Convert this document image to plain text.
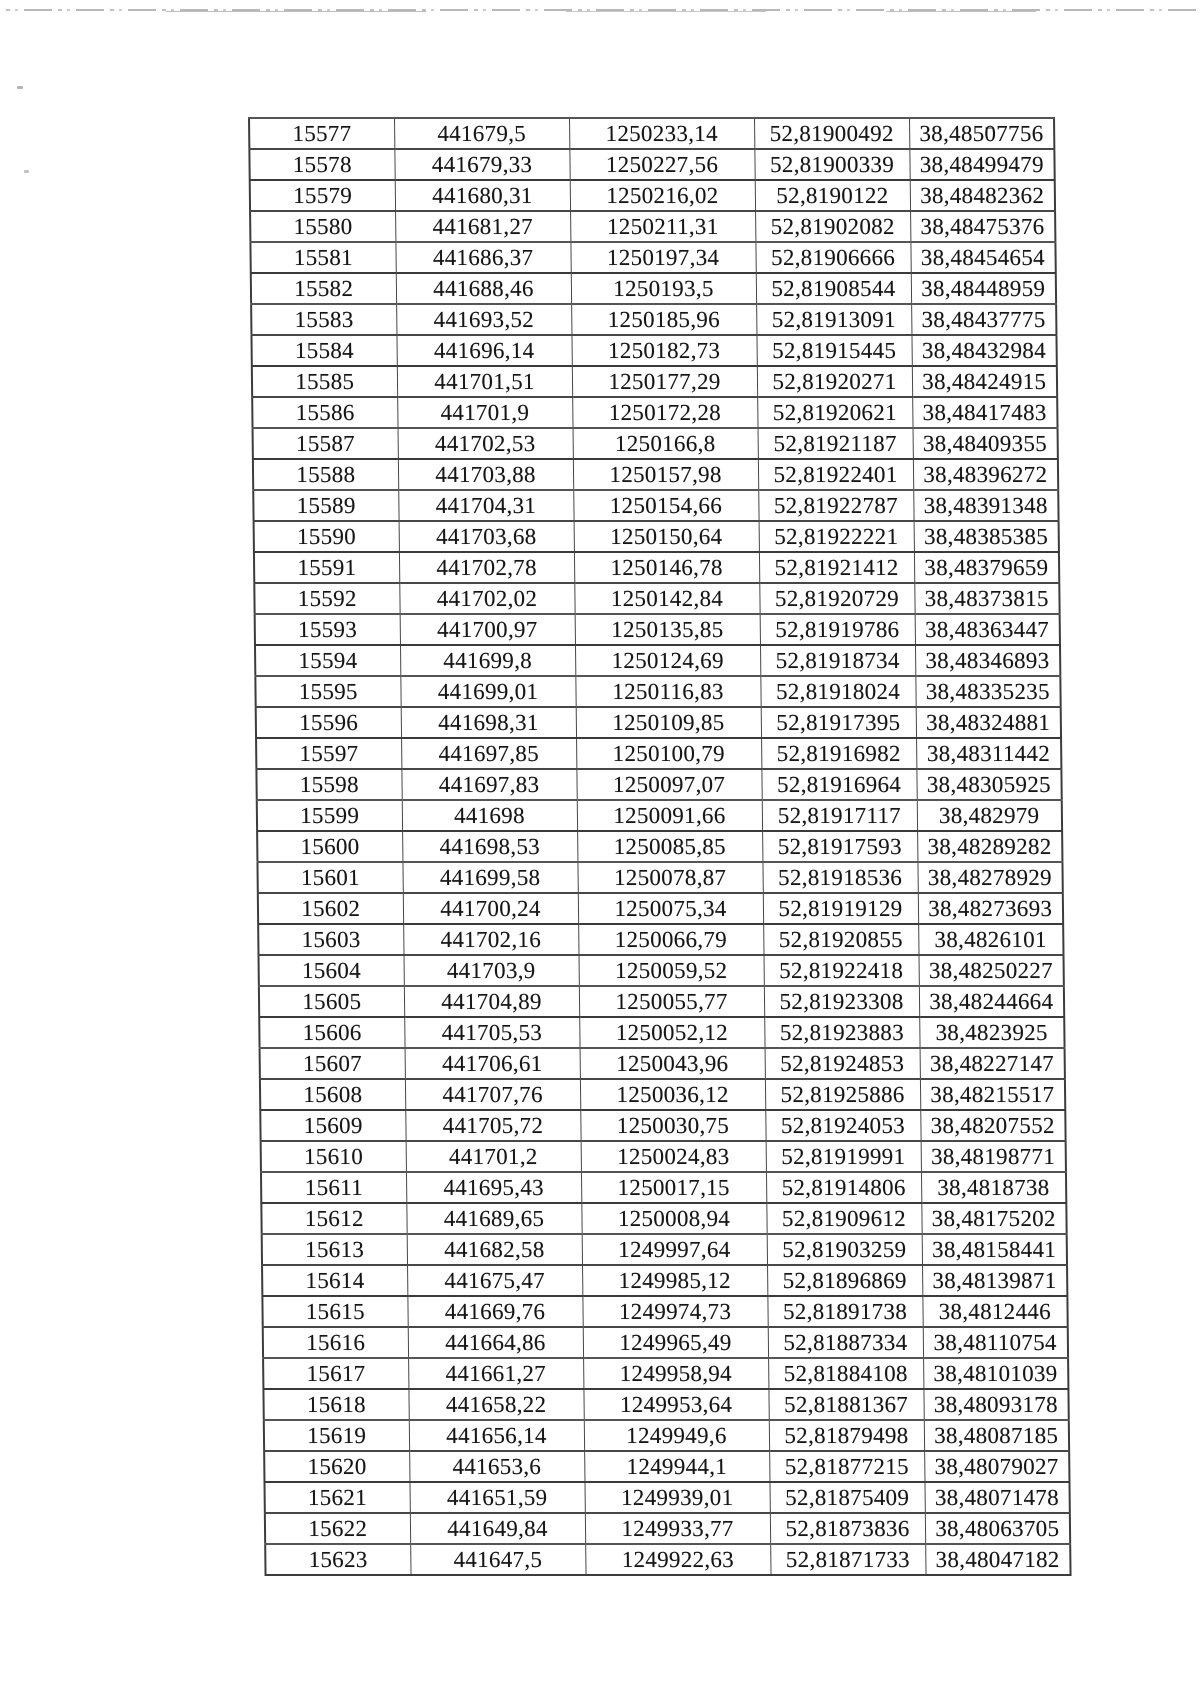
15577	441679,5	1250233,14	52,81900492	38,48507756
15578	441679,33	1250227,56	52,81900339	38,48499479
15579	441680,31	1250216,02	52,8190122	38,48482362
15580	441681,27	1250211,31	52,81902082	38,48475376
15581	441686,37	1250197,34	52,81906666	38,48454654
15582	441688,46	1250193,5	52,81908544	38,48448959
15583	441693,52	1250185,96	52,81913091	38,48437775
15584	441696,14	1250182,73	52,81915445	38,48432984
15585	441701,51	1250177,29	52,81920271	38,48424915
15586	441701,9	1250172,28	52,81920621	38,48417483
15587	441702,53	1250166,8	52,81921187	38,48409355
15588	441703,88	1250157,98	52,81922401	38,48396272
15589	441704,31	1250154,66	52,81922787	38,48391348
15590	441703,68	1250150,64	52,81922221	38,48385385
15591	441702,78	1250146,78	52,81921412	38,48379659
15592	441702,02	1250142,84	52,81920729	38,48373815
15593	441700,97	1250135,85	52,81919786	38,48363447
15594	441699,8	1250124,69	52,81918734	38,48346893
15595	441699,01	1250116,83	52,81918024	38,48335235
15596	441698,31	1250109,85	52,81917395	38,48324881
15597	441697,85	1250100,79	52,81916982	38,48311442
15598	441697,83	1250097,07	52,81916964	38,48305925
15599	441698	1250091,66	52,81917117	38,482979
15600	441698,53	1250085,85	52,81917593	38,48289282
15601	441699,58	1250078,87	52,81918536	38,48278929
15602	441700,24	1250075,34	52,81919129	38,48273693
15603	441702,16	1250066,79	52,81920855	38,4826101
15604	441703,9	1250059,52	52,81922418	38,48250227
15605	441704,89	1250055,77	52,81923308	38,48244664
15606	441705,53	1250052,12	52,81923883	38,4823925
15607	441706,61	1250043,96	52,81924853	38,48227147
15608	441707,76	1250036,12	52,81925886	38,48215517
15609	441705,72	1250030,75	52,81924053	38,48207552
15610	441701,2	1250024,83	52,81919991	38,48198771
15611	441695,43	1250017,15	52,81914806	38,4818738
15612	441689,65	1250008,94	52,81909612	38,48175202
15613	441682,58	1249997,64	52,81903259	38,48158441
15614	441675,47	1249985,12	52,81896869	38,48139871
15615	441669,76	1249974,73	52,81891738	38,4812446
15616	441664,86	1249965,49	52,81887334	38,48110754
15617	441661,27	1249958,94	52,81884108	38,48101039
15618	441658,22	1249953,64	52,81881367	38,48093178
15619	441656,14	1249949,6	52,81879498	38,48087185
15620	441653,6	1249944,1	52,81877215	38,48079027
15621	441651,59	1249939,01	52,81875409	38,48071478
15622	441649,84	1249933,77	52,81873836	38,48063705
15623	441647,5	1249922,63	52,81871733	38,48047182
